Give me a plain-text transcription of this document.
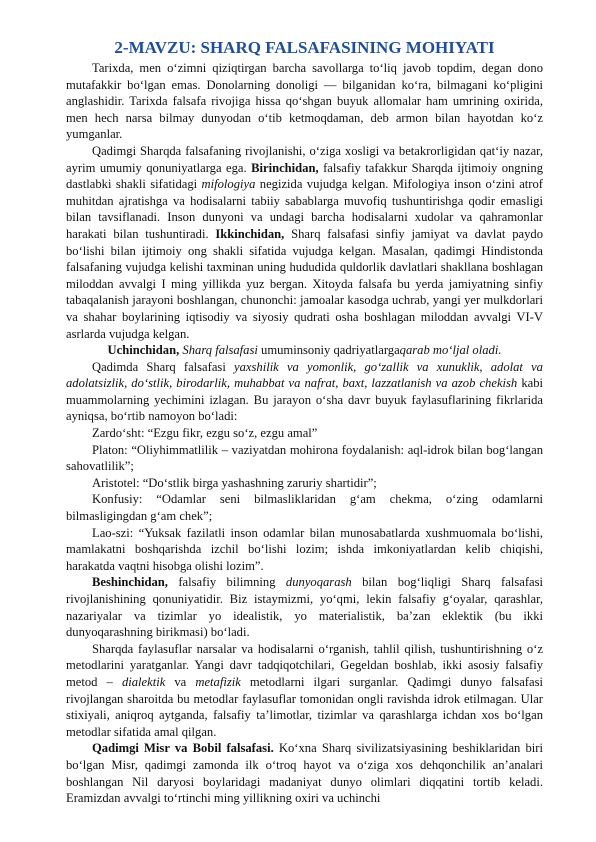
2-MAVZU: SHARQ FALSAFASINING MOHIYATI

Tarixda, men oʻzimni qiziqtirgan barcha savollarga toʻliq javob topdim, degan dono mutafakkir boʻlgan emas. Donolarning donoligi — bilganidan koʻra, bilmagani koʻpligini anglashidir. Tarixda falsafa rivojiga hissa qoʻshgan buyuk allomalar ham umrining oxirida, men hech narsa bilmay dunyodan oʻtib ketmoqdaman, deb armon bilan hayotdan koʻz yumganlar.

Qadimgi Sharqda falsafaning rivojlanishi, oʻziga xosligi va betakrorligidan qatʻiy nazar, ayrim umumiy qonuniyatlarga ega. Birinchidan, falsafiy tafakkur Sharqda ijtimoiy ongning dastlabki shakli sifatidagi mifologiya negizida vujudga kelgan. Mifologiya inson oʻzini atrof muhitdan ajratishga va hodisalarni tabiiy sabablarga muvofiq tushuntirishga qodir emasligi bilan tavsiflanadi. Inson dunyoni va undagi barcha hodisalarni xudolar va qahramonlar harakati bilan tushuntiradi. Ikkinchidan, Sharq falsafasi sinfiy jamiyat va davlat paydo boʻlishi bilan ijtimoiy ong shakli sifatida vujudga kelgan. Masalan, qadimgi Hindistonda falsafaning vujudga kelishi taxminan uning hududida quldorlik davlatlari shakllana boshlagan miloddan avvalgi I ming yillikda yuz bergan. Xitoyda falsafa bu yerda jamiyatning sinfiy tabaqalanish jarayoni boshlangan, chunonchi: jamoalar kasodga uchrab, yangi yer mulkdorlari va shahar boylarining iqtisodiy va siyosiy qudrati osha boshlagan miloddan avvalgi VI-V asrlarda vujudga kelgan.

Uchinchidan, Sharq falsafasi umuminsoniy qadriyatlargaqarab moʻljal oladi.

Qadimda Sharq falsafasi yaxshilik va yomonlik, goʻzallik va xunuklik, adolat va adolatsizlik, doʻstlik, birodarlik, muhabbat va nafrat, baxt, lazzatlanish va azob chekish kabi muammolarning yechimini izlagan. Bu jarayon oʻsha davr buyuk faylasuflarining fikrlarida ayniqsa, boʻrtib namoyon boʻladi:

Zardoʻsht: “Ezgu fikr, ezgu soʻz, ezgu amal”

Platon: “Oliyhimmatlilik – vaziyatdan mohirona foydalanish: aql-idrok bilan bogʻlangan sahovatlilik”;

Aristotel: “Doʻstlik birga yashashning zaruriy shartidir”;

Konfusiy: “Odamlar seni bilmasliklaridan gʻam chekma, oʻzing odamlarni bilmasligingdan gʻam chek”;

Lao-szi: “Yuksak fazilatli inson odamlar bilan munosabatlarda xushmuomala boʻlishi, mamlakatni boshqarishda izchil boʻlishi lozim; ishda imkoniyatlardan kelib chiqishi, harakatda vaqtni hisobga olishi lozim”.

Beshinchidan, falsafiy bilimning dunyoqarash bilan bogʻliqligi Sharq falsafasi rivojlanishining qonuniyatidir. Biz istaymizmi, yoʻqmi, lekin falsafiy gʻoyalar, qarashlar, nazariyalar va tizimlar yo idealistik, yo materialistik, baʼzan eklektik (bu ikki dunyoqarashning birikmasi) boʻladi.

Sharqda faylasuflar narsalar va hodisalarni oʻrganish, tahlil qilish, tushuntirishning oʻz metodlarini yaratganlar. Yangi davr tadqiqotchilari, Gegeldan boshlab, ikki asosiy falsafiy metod – dialektik va metafizik metodlarni ilgari surganlar. Qadimgi dunyo falsafasi rivojlangan sharoitda bu metodlar faylasuflar tomonidan ongli ravishda idrok etilmagan. Ular stixiyali, aniqroq aytganda, falsafiy taʼlimotlar, tizimlar va qarashlarga ichdan xos boʻlgan metodlar sifatida amal qilgan.

Qadimgi Misr va Bobil falsafasi. Koʻxna Sharq sivilizatsiyasining beshiklaridan biri boʻlgan Misr, qadimgi zamonda ilk oʻtroq hayot va oʻziga xos dehqonchilik anʼanalari boshlangan Nil daryosi boylaridagi madaniyat dunyo olimlari diqqatini tortib keladi. Eramizdan avvalgi toʻrtinchi ming yillikning oxiri va uchinchi
